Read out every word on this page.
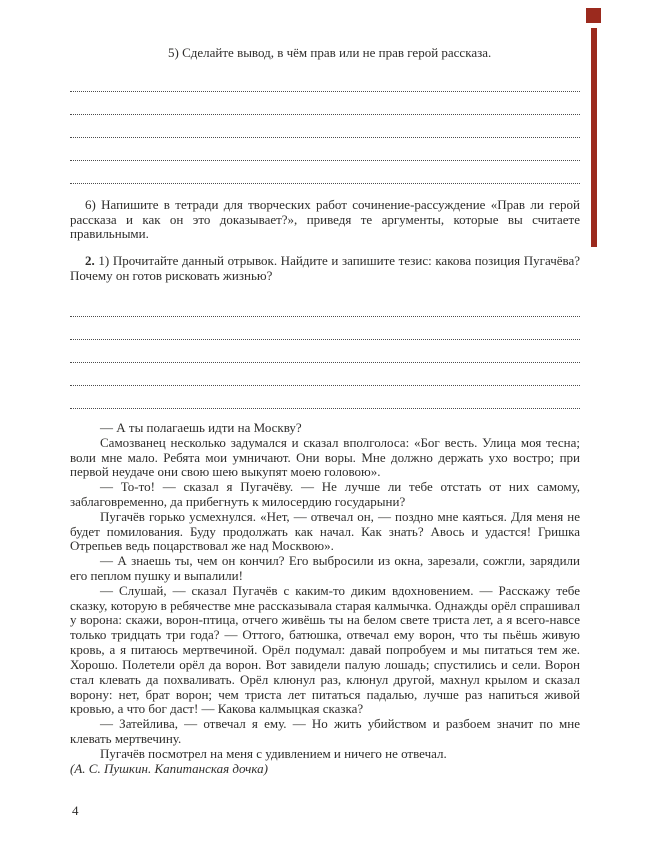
5) Сделайте вывод, в чём прав или не прав герой рассказа.

6) Напишите в тетради для творческих работ сочинение-рассуждение «Прав ли герой рассказа и как он это доказывает?», приведя те аргументы, которые вы считаете правильными.

2. 1) Прочитайте данный отрывок. Найдите и запишите тезис: какова позиция Пугачёва? Почему он готов рисковать жизнью?

— А ты полагаешь идти на Москву?

Самозванец несколько задумался и сказал вполголоса: «Бог весть. Улица моя тесна; воли мне мало. Ребята мои умничают. Они воры. Мне должно держать ухо востро; при первой неудаче они свою шею выкупят моею головою».

— То-то! — сказал я Пугачёву. — Не лучше ли тебе отстать от них самому, заблаговременно, да прибегнуть к милосердию государыни?

Пугачёв горько усмехнулся. «Нет, — отвечал он, — поздно мне каяться. Для меня не будет помилования. Буду продолжать как начал. Как знать? Авось и удастся! Гришка Отрепьев ведь поцарствовал же над Москвою».

— А знаешь ты, чем он кончил? Его выбросили из окна, зарезали, сожгли, зарядили его пеплом пушку и выпалили!

— Слушай, — сказал Пугачёв с каким-то диким вдохновением. — Расскажу тебе сказку, которую в ребячестве мне рассказывала старая калмычка. Однажды орёл спрашивал у ворона: скажи, ворон-птица, отчего живёшь ты на белом свете триста лет, а я всего-навсе только тридцать три года? — Оттого, батюшка, отвечал ему ворон, что ты пьёшь живую кровь, а я питаюсь мертвечиной. Орёл подумал: давай попробуем и мы питаться тем же. Хорошо. Полетели орёл да ворон. Вот завидели палую лошадь; спустились и сели. Ворон стал клевать да похваливать. Орёл клюнул раз, клюнул другой, махнул крылом и сказал ворону: нет, брат ворон; чем триста лет питаться падалью, лучше раз напиться живой кровью, а что бог даст! — Какова калмыцкая сказка?

— Затейлива, — отвечал я ему. — Но жить убийством и разбоем значит по мне клевать мертвечину.

Пугачёв посмотрел на меня с удивлением и ничего не отвечал.

(А. С. Пушкин. Капитанская дочка)

4
